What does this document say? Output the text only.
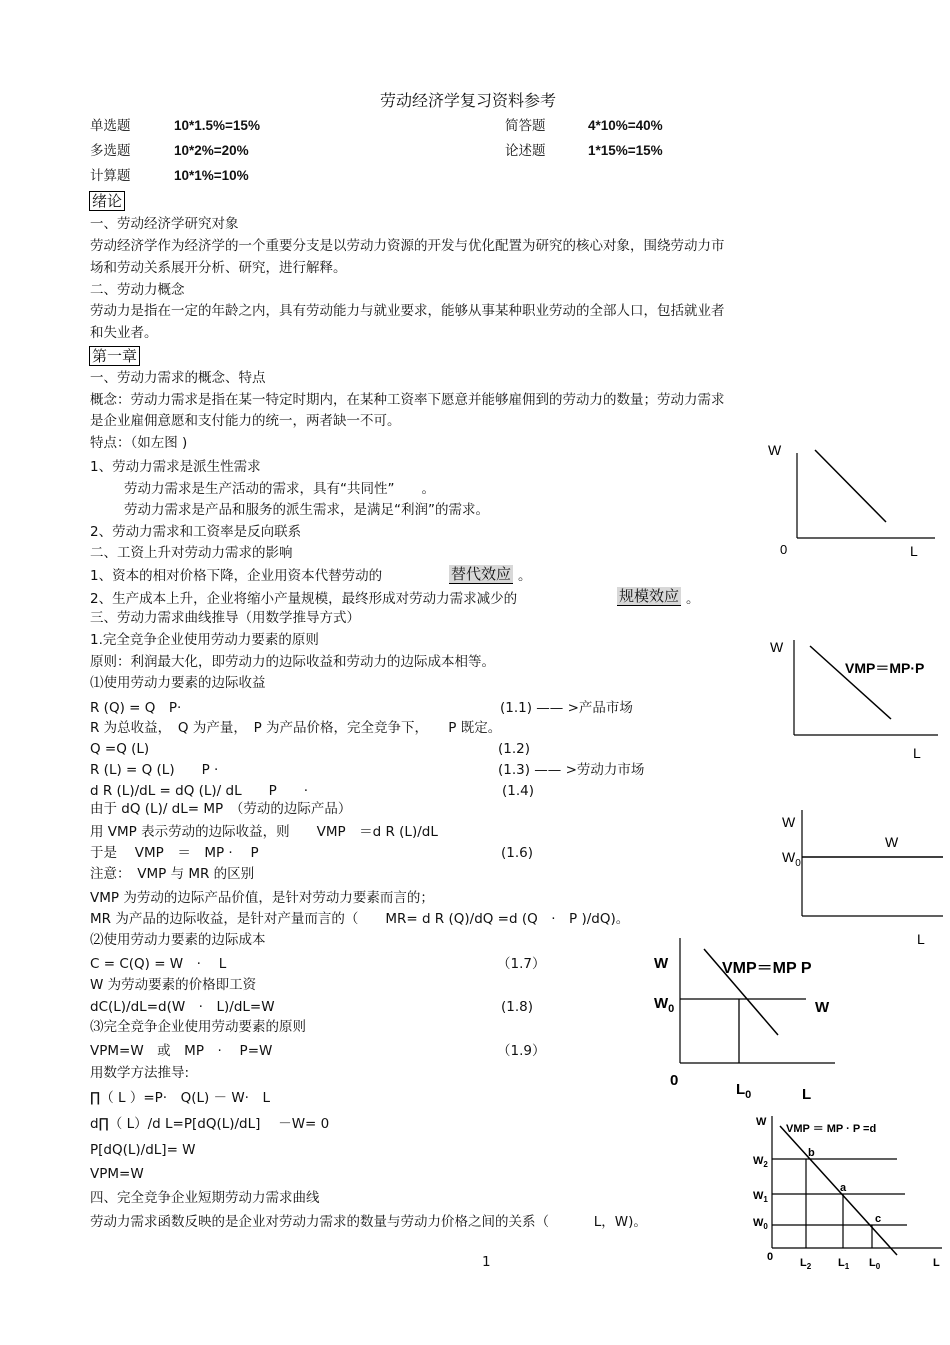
劳动经济学复习资料参考
单选题	10*1.5%=15%	简答题	4*10%=40%
多选题	10*2%=20%	论述题	1*15%=15%
计算题	10*1%=10%
绪论
一、劳动经济学研究对象
劳动经济学作为经济学的一个重要分支是以劳动力资源的开发与优化配置为研究的核心对象，围绕劳动力市
场和劳动关系展开分析、研究，进行解释。
二、劳动力概念
劳动力是指在一定的年龄之内，具有劳动能力与就业要求，能够从事某种职业劳动的全部人口，包括就业者
和失业者。
第一章
一、劳动力需求的概念、特点
概念：劳动力需求是指在某一特定时期内，在某种工资率下愿意并能够雇佣到的劳动力的数量；劳动力需求
是企业雇佣意愿和支付能力的统一，两者缺一不可。
特点：（如左图 )
1、劳动力需求是派生性需求
劳动力需求是生产活动的需求，具有“共同性”　　。
劳动力需求是产品和服务的派生需求，是满足“利润”的需求。
2、劳动力需求和工资率是反向联系
二、工资上升对劳动力需求的影响
1、资本的相对价格下降，企业用资本代替劳动的	替代效应 。
2、生产成本上升，企业将缩小产量规模，最终形成对劳动力需求减少的	规模效应 。
三、劳动力需求曲线推导（用数学推导方式）
1.完全竞争企业使用劳动力要素的原则
原则：利润最大化，即劳动力的边际收益和劳动力的边际成本相等。
⑴使用劳动力要素的边际收益
R (Q) = Q　P·	(1.1) —— >产品市场
R 为总收益，　Q 为产量，　P 为产品价格，完全竞争下，　　P 既定。
Q =Q (L)	(1.2)
R (L) = Q (L)　　P ·	(1.3) —— >劳动力市场
d R (L)/dL = dQ (L)/ dL　　P　　·	(1.4)
由于 dQ (L)/ dL= MP　（劳动的边际产品）
用 VMP 表示劳动的边际收益，则　　VMP　＝d R (L)/dL
于是　 VMP　＝　MP ·　 P	(1.6)
注意：　VMP 与 MR 的区别
VMP 为劳动的边际产品价值，是针对劳动力要素而言的；
MR 为产品的边际收益，是针对产量而言的（　　MR= d R (Q)/dQ =d (Q　·　P )/dQ)。
⑵使用劳动力要素的边际成本
C = C(Q) = W　·　 L	（1.7）
W 为劳动要素的价格即工资
dC(L)/dL=d(W　·　L)/dL=W	(1.8)
⑶完全竞争企业使用劳动要素的原则
VPM=W　或　MP　·　 P=W	（1.9）
用数学方法推导:
∏（ L ）=P·　Q(L) － W·　L
d∏（ L）/d L=P[dQ(L)/dL]　 －W= 0
P[dQ(L)/dL]= W
VPM=W
四、完全竞争企业短期劳动力需求曲线
劳动力需求函数反映的是企业对劳动力需求的数量与劳动力价格之间的关系（　　　 L，W)。
1
W
0	L
W
VMP＝MP·P
L
W
$W_0$
W
L
W	VMP＝MP P
$W_0$	W
0
$L_0$	L
W
VMP ＝ MP · P =d
$W_2$
$W_1$
$W_0$
b
a
c
0 $L_2$ $L_1$ $L_0$	L
